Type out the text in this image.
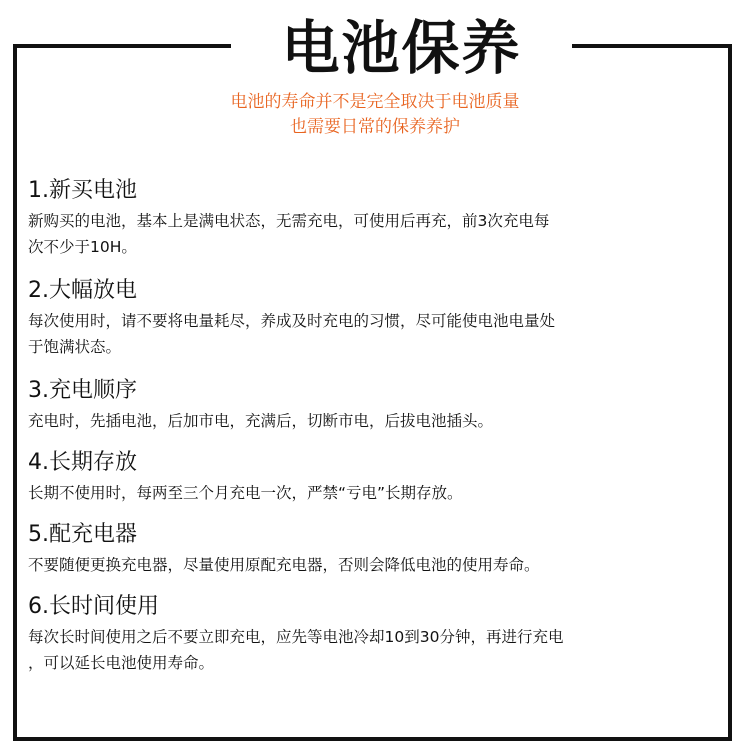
电池保养
电池的寿命并不是完全取决于电池质量
也需要日常的保养养护
1.新买电池

新购买的电池，基本上是满电状态，无需充电，可使用后再充，前3次充电每

次不少于10H。

2.大幅放电

每次使用时，请不要将电量耗尽，养成及时充电的习惯，尽可能使电池电量处

于饱满状态。

3.充电顺序

充电时，先插电池，后加市电，充满后，切断市电，后拔电池插头。

4.长期存放

长期不使用时，每两至三个月充电一次，严禁“亏电”长期存放。

5.配充电器

不要随便更换充电器，尽量使用原配充电器，否则会降低电池的使用寿命。

6.长时间使用

每次长时间使用之后不要立即充电，应先等电池冷却10到30分钟，再进行充电

，可以延长电池使用寿命。
